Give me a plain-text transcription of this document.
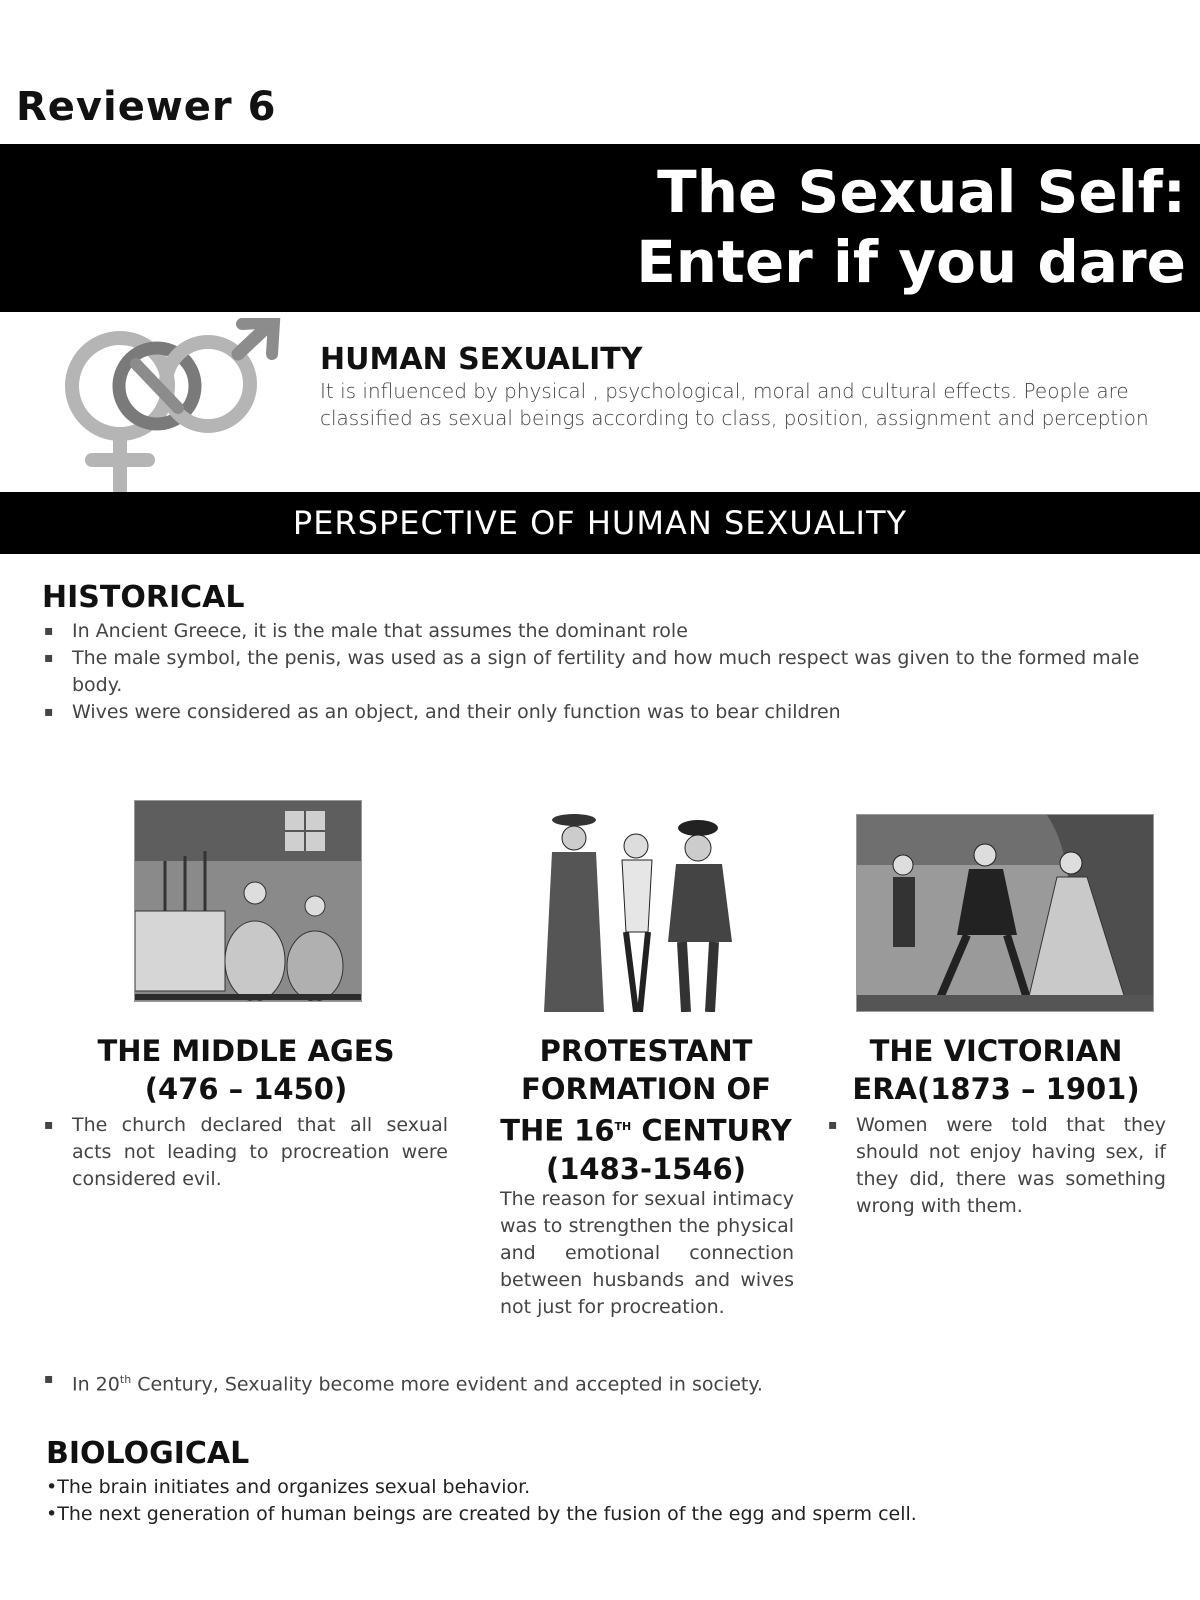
Reviewer 6
The Sexual Self:
Enter if you dare
HUMAN SEXUALITY
It is influenced by physical , psychological, moral and cultural effects. People are classified as sexual beings according to class, position, assignment and perception
PERSPECTIVE OF HUMAN SEXUALITY
HISTORICAL
▪ In Ancient Greece, it is the male that assumes the dominant role
▪ The male symbol, the penis, was used as a sign of fertility and how much respect was given to the formed male body.
▪ Wives were considered as an object, and their only function was to bear children
THE MIDDLE AGES
(476 – 1450)
PROTESTANT
FORMATION OF
THE 16TH CENTURY
(1483-1546)
THE VICTORIAN
ERA(1873 – 1901)
▪ The church declared that all sexual acts not leading to procreation were considered evil.
The reason for sexual intimacy was to strengthen the physical and emotional connection between husbands and wives not just for procreation.
▪ Women were told that they should not enjoy having sex, if they did, there was something wrong with them.
▪ In 20th Century, Sexuality become more evident and accepted in society.
BIOLOGICAL
•The brain initiates and organizes sexual behavior.
•The next generation of human beings are created by the fusion of the egg and sperm cell.
